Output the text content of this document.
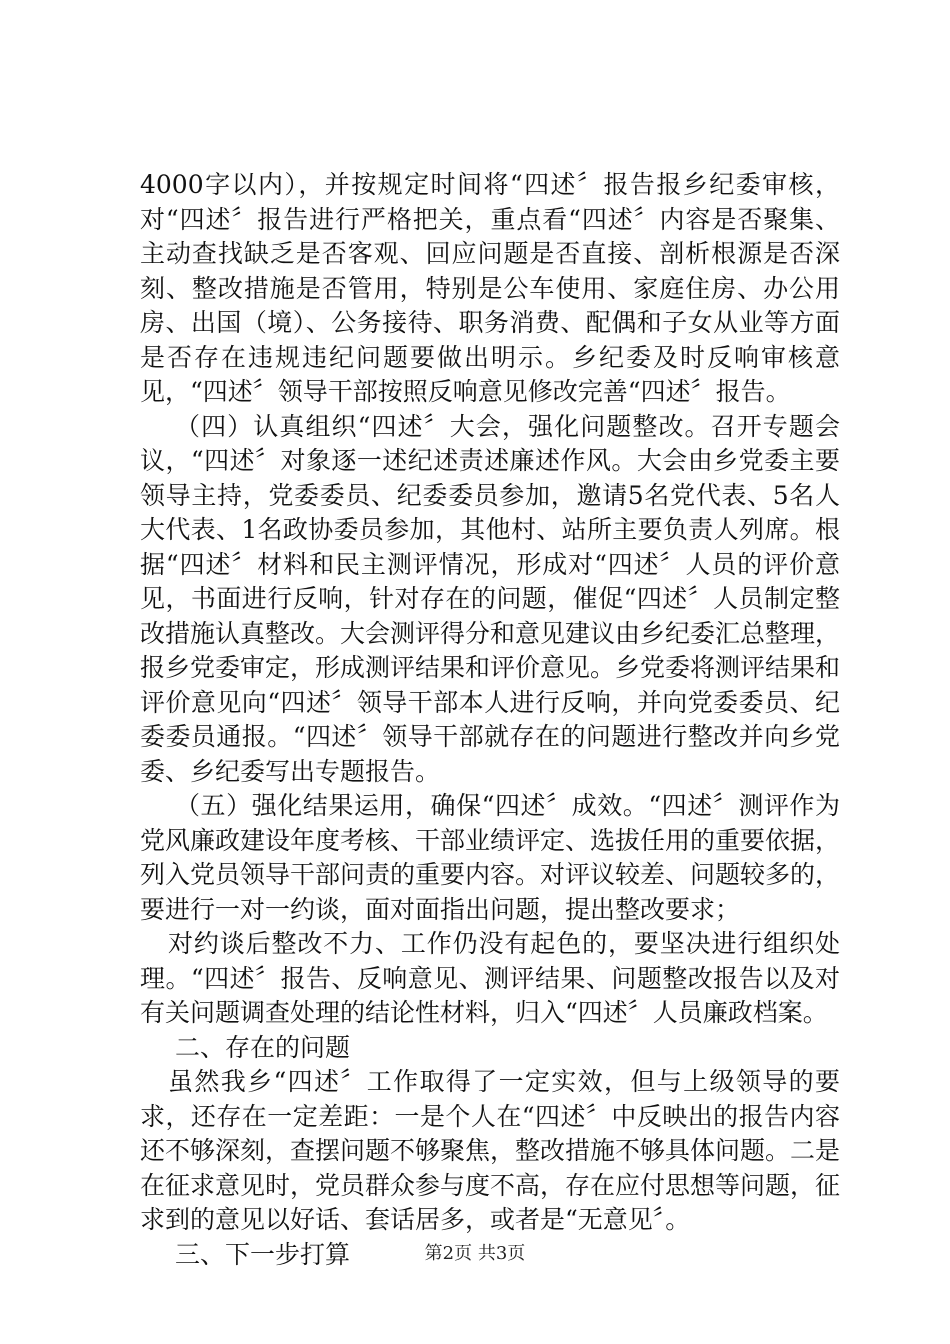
4000字以内），并按规定时间将“四述〞报告报乡纪委审核，对“四述〞报告进行严格把关，重点看“四述〞内容是否聚集、主动查找缺乏是否客观、回应问题是否直接、剖析根源是否深刻、整改措施是否管用，特别是公车使用、家庭住房、办公用房、出国（境）、公务接待、职务消费、配偶和子女从业等方面是否存在违规违纪问题要做出明示。乡纪委及时反响审核意见，“四述〞领导干部按照反响意见修改完善“四述〞报告。

（四）认真组织“四述〞大会，强化问题整改。召开专题会议，“四述〞对象逐一述纪述责述廉述作风。大会由乡党委主要领导主持，党委委员、纪委委员参加，邀请5名党代表、5名人大代表、1名政协委员参加，其他村、站所主要负责人列席。根据“四述〞材料和民主测评情况，形成对“四述〞人员的评价意见，书面进行反响，针对存在的问题，催促“四述〞人员制定整改措施认真整改。大会测评得分和意见建议由乡纪委汇总整理，报乡党委审定，形成测评结果和评价意见。乡党委将测评结果和评价意见向“四述〞领导干部本人进行反响，并向党委委员、纪委委员通报。“四述〞领导干部就存在的问题进行整改并向乡党委、乡纪委写出专题报告。

（五）强化结果运用，确保“四述〞成效。“四述〞测评作为党风廉政建设年度考核、干部业绩评定、选拔任用的重要依据，列入党员领导干部问责的重要内容。对评议较差、问题较多的，要进行一对一约谈，面对面指出问题，提出整改要求；

对约谈后整改不力、工作仍没有起色的，要坚决进行组织处理。“四述〞报告、反响意见、测评结果、问题整改报告以及对有关问题调查处理的结论性材料，归入“四述〞人员廉政档案。

二、存在的问题

虽然我乡“四述〞工作取得了一定实效，但与上级领导的要求，还存在一定差距：一是个人在“四述〞中反映出的报告内容还不够深刻，查摆问题不够聚焦，整改措施不够具体问题。二是在征求意见时，党员群众参与度不高，存在应付思想等问题，征求到的意见以好话、套话居多，或者是“无意见〞。

三、下一步打算	第2页 共3页
